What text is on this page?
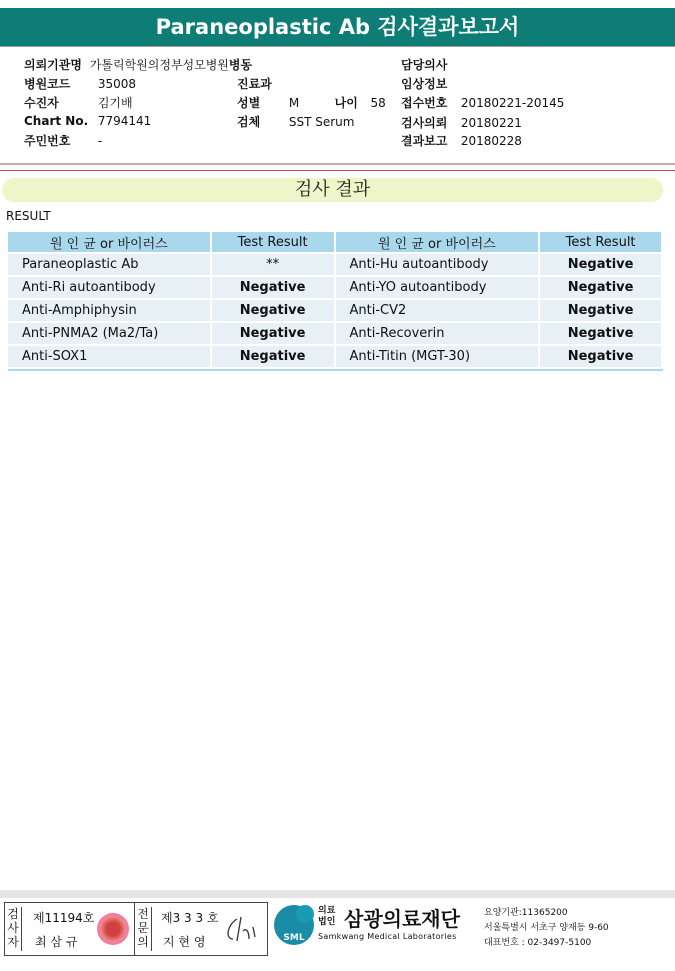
Paraneoplastic Ab 검사결과보고서
의뢰기관명 가톨릭학원의정부성모병원병동
병원코드 35008
수진자	김기배
Chart No. 7794141
주민번호 -
진료과
성별 M	나이 58
검체 SST Serum
담당의사
임상정보
접수번호 20180221-20145
검사의뢰 20180221
결과보고 20180228
검사 결과
RESULT
원 인 균 or 바이러스	Test Result	원 인 균 or 바이러스	Test Result
Paraneoplastic Ab	**	Anti-Hu autoantibody	Negative
Anti-Ri autoantibody	Negative	Anti-YO autoantibody	Negative
Anti-Amphiphysin	Negative	Anti-CV2	Negative
Anti-PNMA2 (Ma2/Ta)	Negative	Anti-Recoverin	Negative
Anti-SOX1	Negative	Anti-Titin (MGT-30)	Negative
검사자
제11194호
최 삼 규
전문의
제3 3 3 호
지 현 영	SML
의료
법인 삼광의료재단
Samkwang Medical Laboratories
요양기관:11365200
서울특별시 서초구 양재동 9-60
대표번호 : 02-3497-5100
